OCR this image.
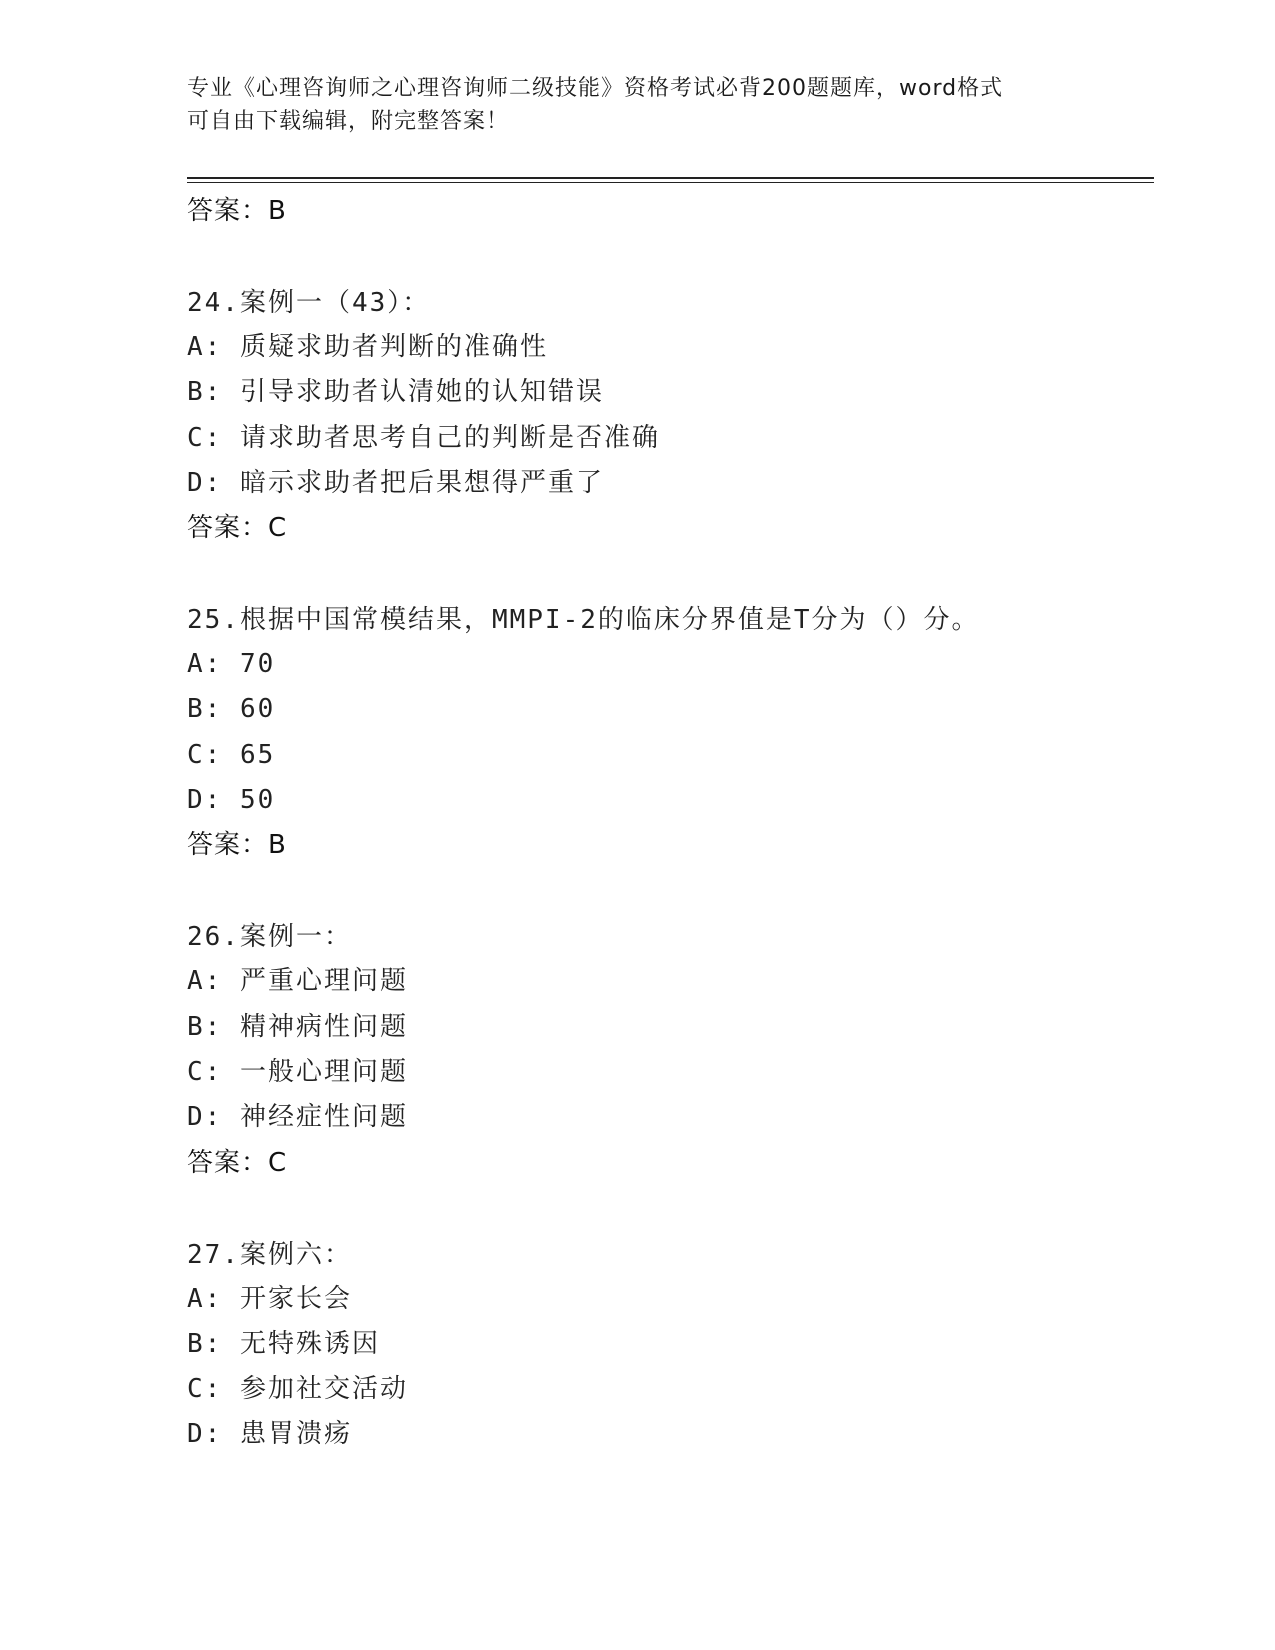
专业《心理咨询师之心理咨询师二级技能》资格考试必背200题题库，word格式
可自由下载编辑，附完整答案！
答案：B
24.案例一（43）：
A: 质疑求助者判断的准确性
B: 引导求助者认清她的认知错误
C: 请求助者思考自己的判断是否准确
D: 暗示求助者把后果想得严重了
答案：C
25.根据中国常模结果，MMPI-2的临床分界值是T分为（）分。
A: 70
B: 60
C: 65
D: 50
答案：B
26.案例一：
A: 严重心理问题
B: 精神病性问题
C: 一般心理问题
D: 神经症性问题
答案：C
27.案例六：
A: 开家长会
B: 无特殊诱因
C: 参加社交活动
D: 患胃溃疡
